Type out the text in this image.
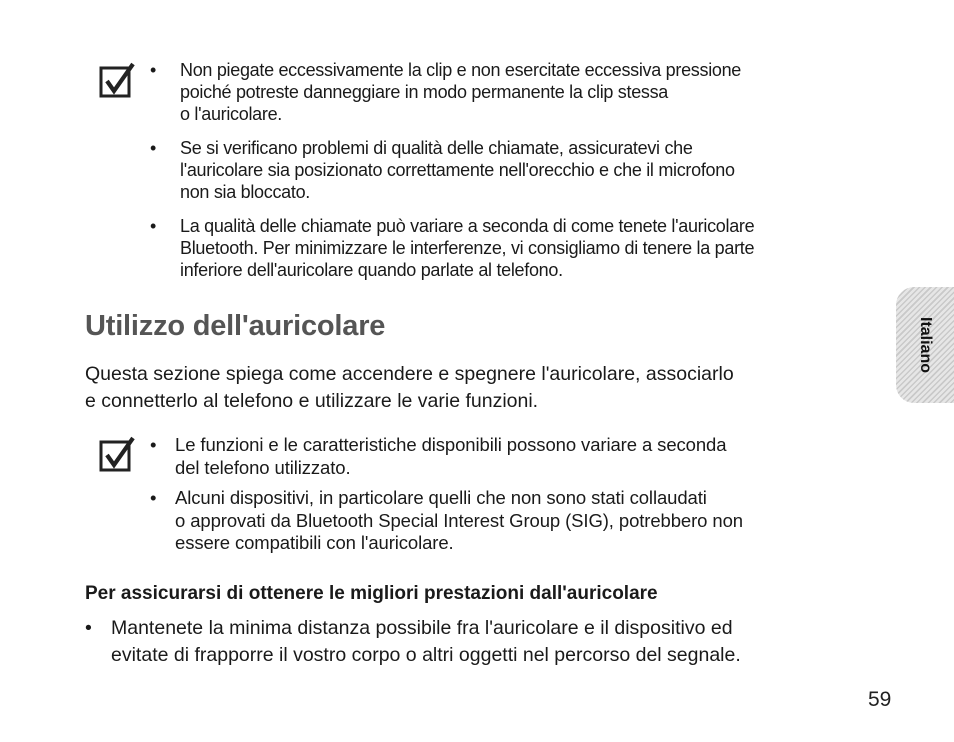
• Non piegate eccessivamente la clip e non esercitate eccessiva pressione
poiché potreste danneggiare in modo permanente la clip stessa
o l'auricolare.
• Se si verificano problemi di qualità delle chiamate, assicuratevi che
l'auricolare sia posizionato correttamente nell'orecchio e che il microfono
non sia bloccato.
• La qualità delle chiamate può variare a seconda di come tenete l'auricolare
Bluetooth. Per minimizzare le interferenze, vi consigliamo di tenere la parte
inferiore dell'auricolare quando parlate al telefono.
Utilizzo dell'auricolare

Questa sezione spiega come accendere e spegnere l'auricolare, associarlo
e connetterlo al telefono e utilizzare le varie funzioni.

• Le funzioni e le caratteristiche disponibili possono variare a seconda
del telefono utilizzato.
• Alcuni dispositivi, in particolare quelli che non sono stati collaudati
o approvati da Bluetooth Special Interest Group (SIG), potrebbero non
essere compatibili con l'auricolare.
Per assicurarsi di ottenere le migliori prestazioni dall'auricolare
• Mantenete la minima distanza possibile fra l'auricolare e il dispositivo ed
evitate di frapporre il vostro corpo o altri oggetti nel percorso del segnale.
Italiano
59
